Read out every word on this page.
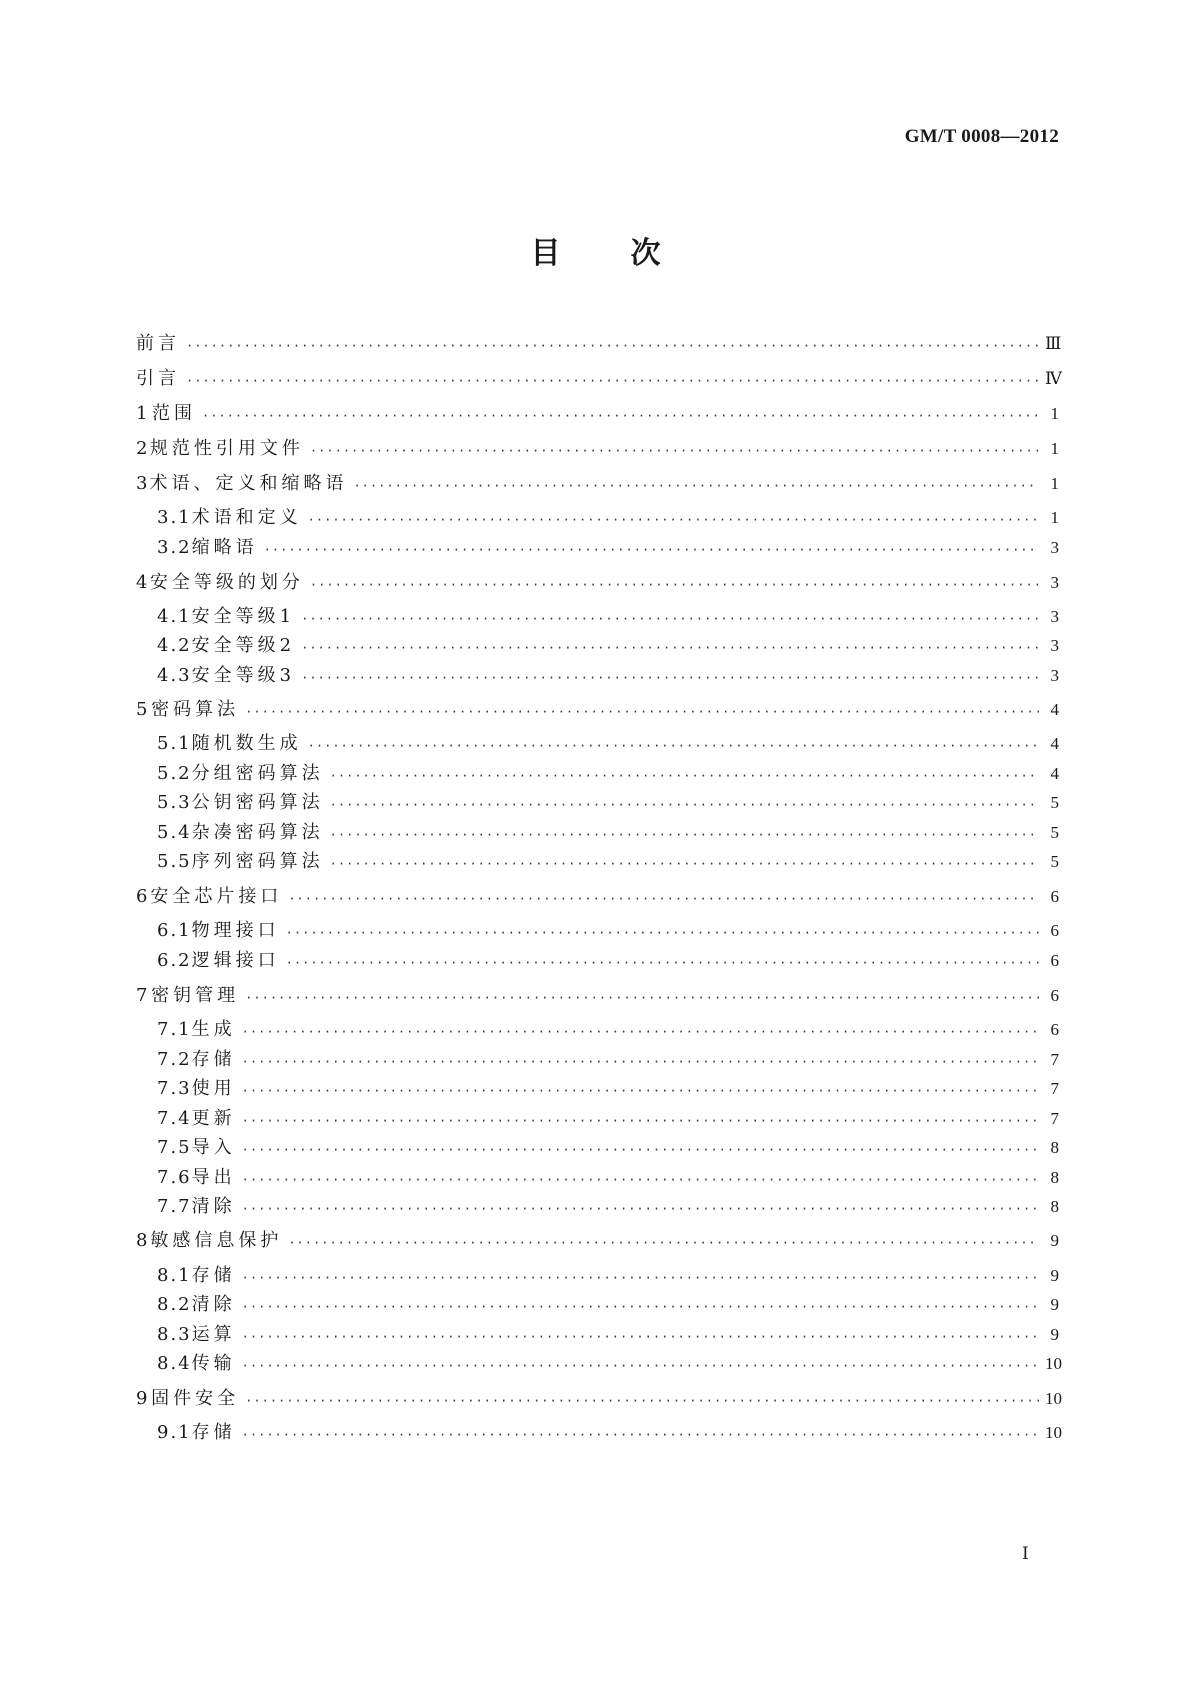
GM/T 0008—2012
目 次
前言 ·····	Ⅲ
引言 ·····	Ⅳ
1 范围 ·····	1
2 规范性引用文件 ·····	1
3 术语、定义和缩略语 ·····	1
3.1 术语和定义 ·····	1
3.2 缩略语 ·····	3
4 安全等级的划分 ·····	3
4.1 安全等级1 ·····	3
4.2 安全等级2 ·····	3
4.3 安全等级3 ·····	3
5 密码算法 ·····	4
5.1 随机数生成 ·····	4
5.2 分组密码算法 ·····	4
5.3 公钥密码算法 ·····	5
5.4 杂凑密码算法 ·····	5
5.5 序列密码算法 ·····	5
6 安全芯片接口 ·····	6
6.1 物理接口 ·····	6
6.2 逻辑接口 ·····	6
7 密钥管理 ·····	6
7.1 生成 ·····	6
7.2 存储 ·····	7
7.3 使用 ·····	7
7.4 更新 ·····	7
7.5 导入 ·····	8
7.6 导出 ·····	8
7.7 清除 ·····	8
8 敏感信息保护 ·····	9
8.1 存储 ·····	9
8.2 清除 ·····	9
8.3 运算 ·····	9
8.4 传输 ·····	10
9 固件安全 ·····	10
9.1 存储 ·····	10
Ⅰ
